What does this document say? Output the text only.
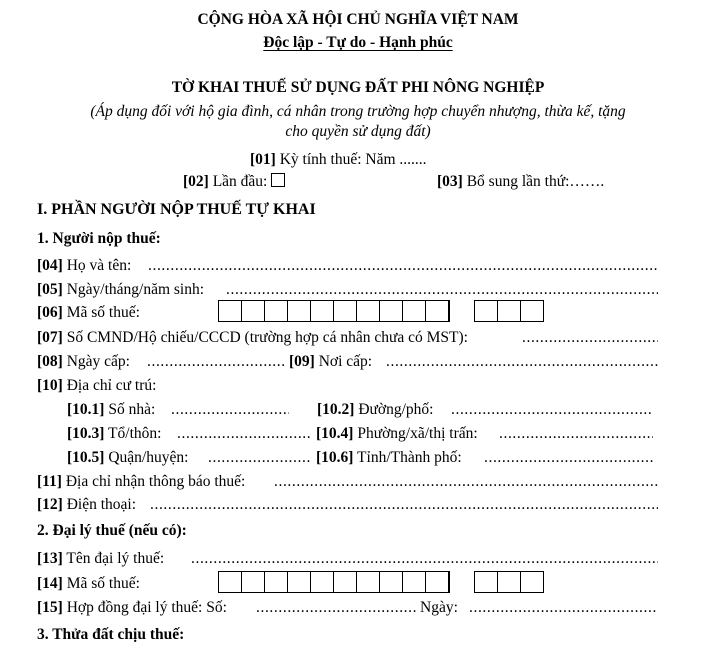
CỘNG HÒA XÃ HỘI CHỦ NGHĨA VIỆT NAM
Độc lập - Tự do - Hạnh phúc
TỜ KHAI THUẾ SỬ DỤNG ĐẤT PHI NÔNG NGHIỆP
(Áp dụng đối với hộ gia đình, cá nhân trong trường hợp chuyển nhượng, thừa kế, tặng
cho quyền sử dụng đất)
[01] Kỳ tính thuế: Năm .......
[02] Lần đầu:	[03] Bổ sung lần thứ:…….
I. PHẦN NGƯỜI NỘP THUẾ TỰ KHAI
1. Người nộp thuế:
[04] Họ và tên:
.....
[05] Ngày/tháng/năm sinh:
.....
[06] Mã số thuế:
[07] Số CMND/Hộ chiếu/CCCD (trường hợp cá nhân chưa có MST):
.....
[08] Ngày cấp: .....	[09] Nơi cấp:
.....
[10] Địa chỉ cư trú:
[10.1] Số nhà: .....	[10.2] Đường/phố:
.....
[10.3] Tổ/thôn: .....	[10.4] Phường/xã/thị trấn:
.....
[10.5] Quận/huyện: .....	[10.6] Tỉnh/Thành phố:
.....
[11] Địa chỉ nhận thông báo thuế:
.....
[12] Điện thoại:
.....
2. Đại lý thuế (nếu có):
[13] Tên đại lý thuế:
.....
[14] Mã số thuế:
[15] Hợp đồng đại lý thuế: Số: .....	Ngày:
.....
3. Thửa đất chịu thuế:
